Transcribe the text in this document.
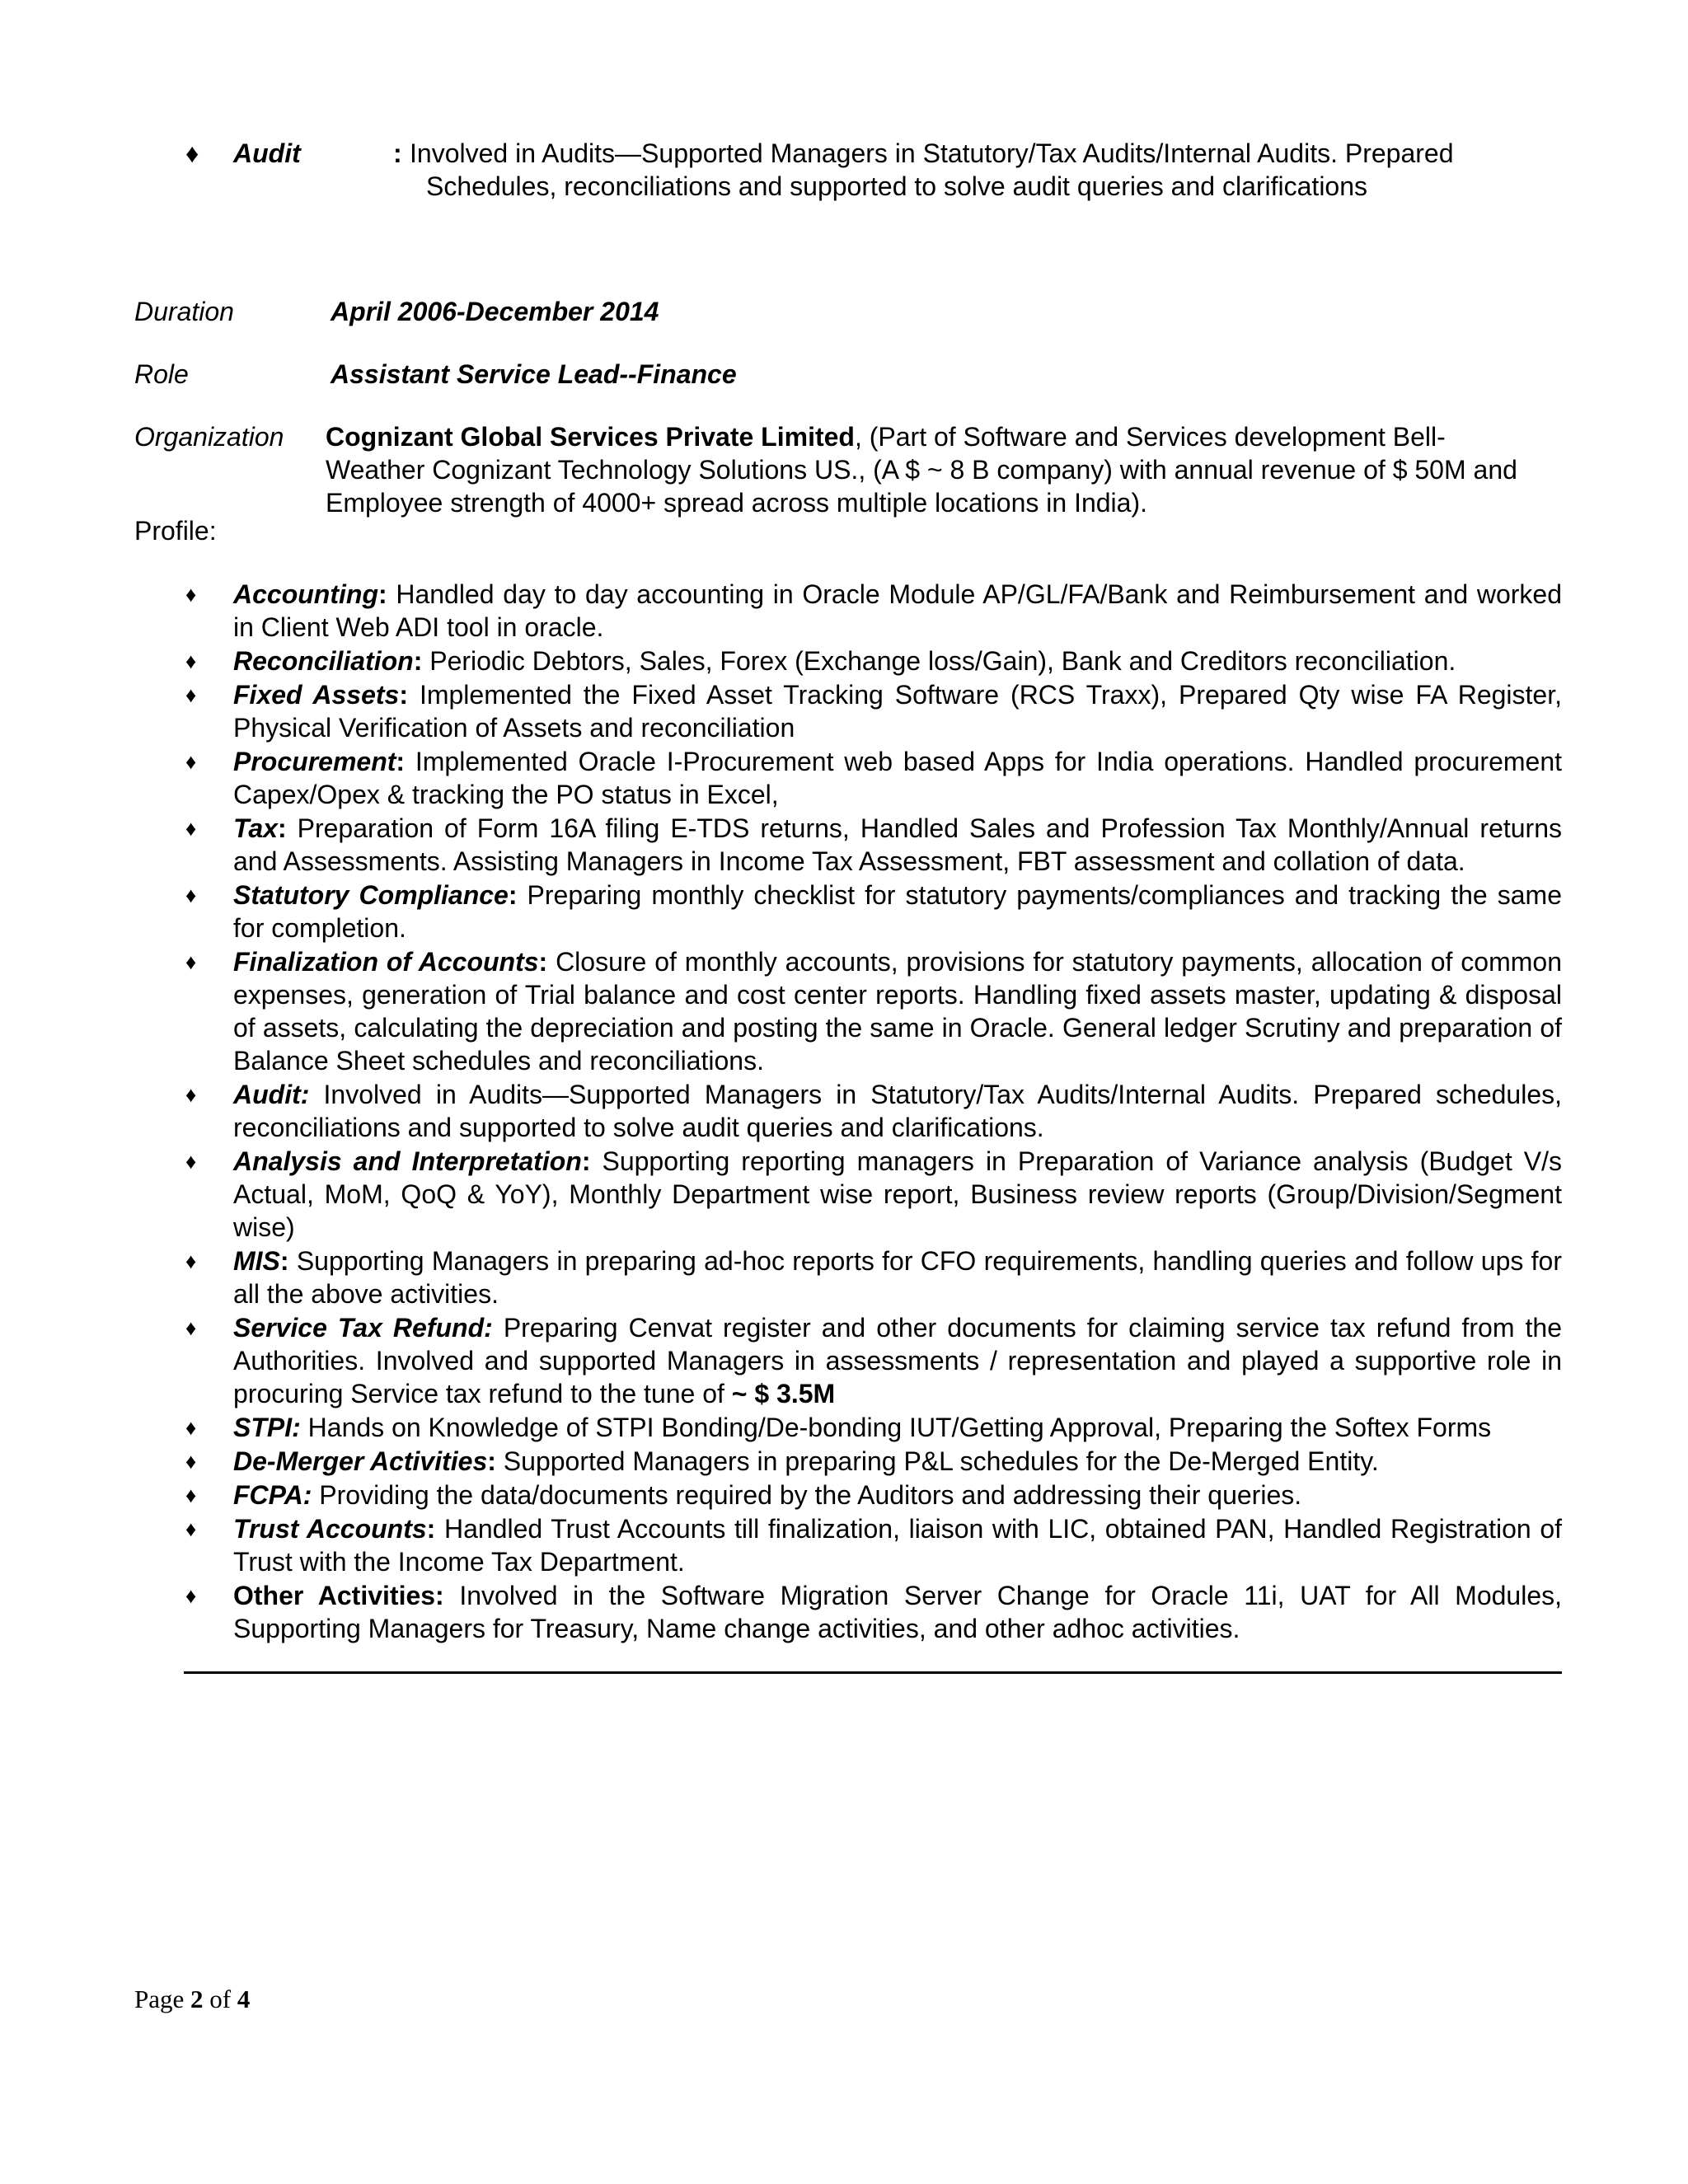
♦	Audit	: Involved in Audits—Supported Managers in Statutory/Tax Audits/Internal Audits. Prepared
Schedules, reconciliations and supported to solve audit queries and clarifications
Duration	April 2006-December 2014
Role	Assistant Service Lead--Finance
Organization Cognizant Global Services Private Limited, (Part of Software and Services development Bell-
Weather Cognizant Technology Solutions US., (A $ ~ 8 B company) with annual revenue of $ 50M and
Employee strength of 4000+ spread across multiple locations in India).
Profile:
♦ Accounting: Handled day to day accounting in Oracle Module AP/GL/FA/Bank and Reimbursement and worked in Client Web ADI tool in oracle.
♦ Reconciliation: Periodic Debtors, Sales, Forex (Exchange loss/Gain), Bank and Creditors reconciliation.
♦ Fixed Assets: Implemented the Fixed Asset Tracking Software (RCS Traxx), Prepared Qty wise FA Register, Physical Verification of Assets and reconciliation
♦ Procurement: Implemented Oracle I-Procurement web based Apps for India operations. Handled procurement Capex/Opex & tracking the PO status in Excel,
♦ Tax: Preparation of Form 16A filing E-TDS returns, Handled Sales and Profession Tax Monthly/Annual returns and Assessments. Assisting Managers in Income Tax Assessment, FBT assessment and collation of data.
♦ Statutory Compliance: Preparing monthly checklist for statutory payments/compliances and tracking the same for completion.
♦ Finalization of Accounts: Closure of monthly accounts, provisions for statutory payments, allocation of common expenses, generation of Trial balance and cost center reports. Handling fixed assets master, updating & disposal of assets, calculating the depreciation and posting the same in Oracle. General ledger Scrutiny and preparation of Balance Sheet schedules and reconciliations.
♦ Audit: Involved in Audits—Supported Managers in Statutory/Tax Audits/Internal Audits. Prepared schedules, reconciliations and supported to solve audit queries and clarifications.
♦ Analysis and Interpretation: Supporting reporting managers in Preparation of Variance analysis (Budget V/s Actual, MoM, QoQ & YoY), Monthly Department wise report, Business review reports (Group/Division/Segment wise)
♦ MIS: Supporting Managers in preparing ad-hoc reports for CFO requirements, handling queries and follow ups for all the above activities.
♦ Service Tax Refund: Preparing Cenvat register and other documents for claiming service tax refund from the Authorities. Involved and supported Managers in assessments / representation and played a supportive role in procuring Service tax refund to the tune of ~ $ 3.5M
♦ STPI: Hands on Knowledge of STPI Bonding/De-bonding IUT/Getting Approval, Preparing the Softex Forms
♦ De-Merger Activities: Supported Managers in preparing P&L schedules for the De-Merged Entity.
♦ FCPA: Providing the data/documents required by the Auditors and addressing their queries.
♦ Trust Accounts: Handled Trust Accounts till finalization, liaison with LIC, obtained PAN, Handled Registration of Trust with the Income Tax Department.
♦ Other Activities: Involved in the Software Migration Server Change for Oracle 11i, UAT for All Modules, Supporting Managers for Treasury, Name change activities, and other adhoc activities.
Page 2 of 4
